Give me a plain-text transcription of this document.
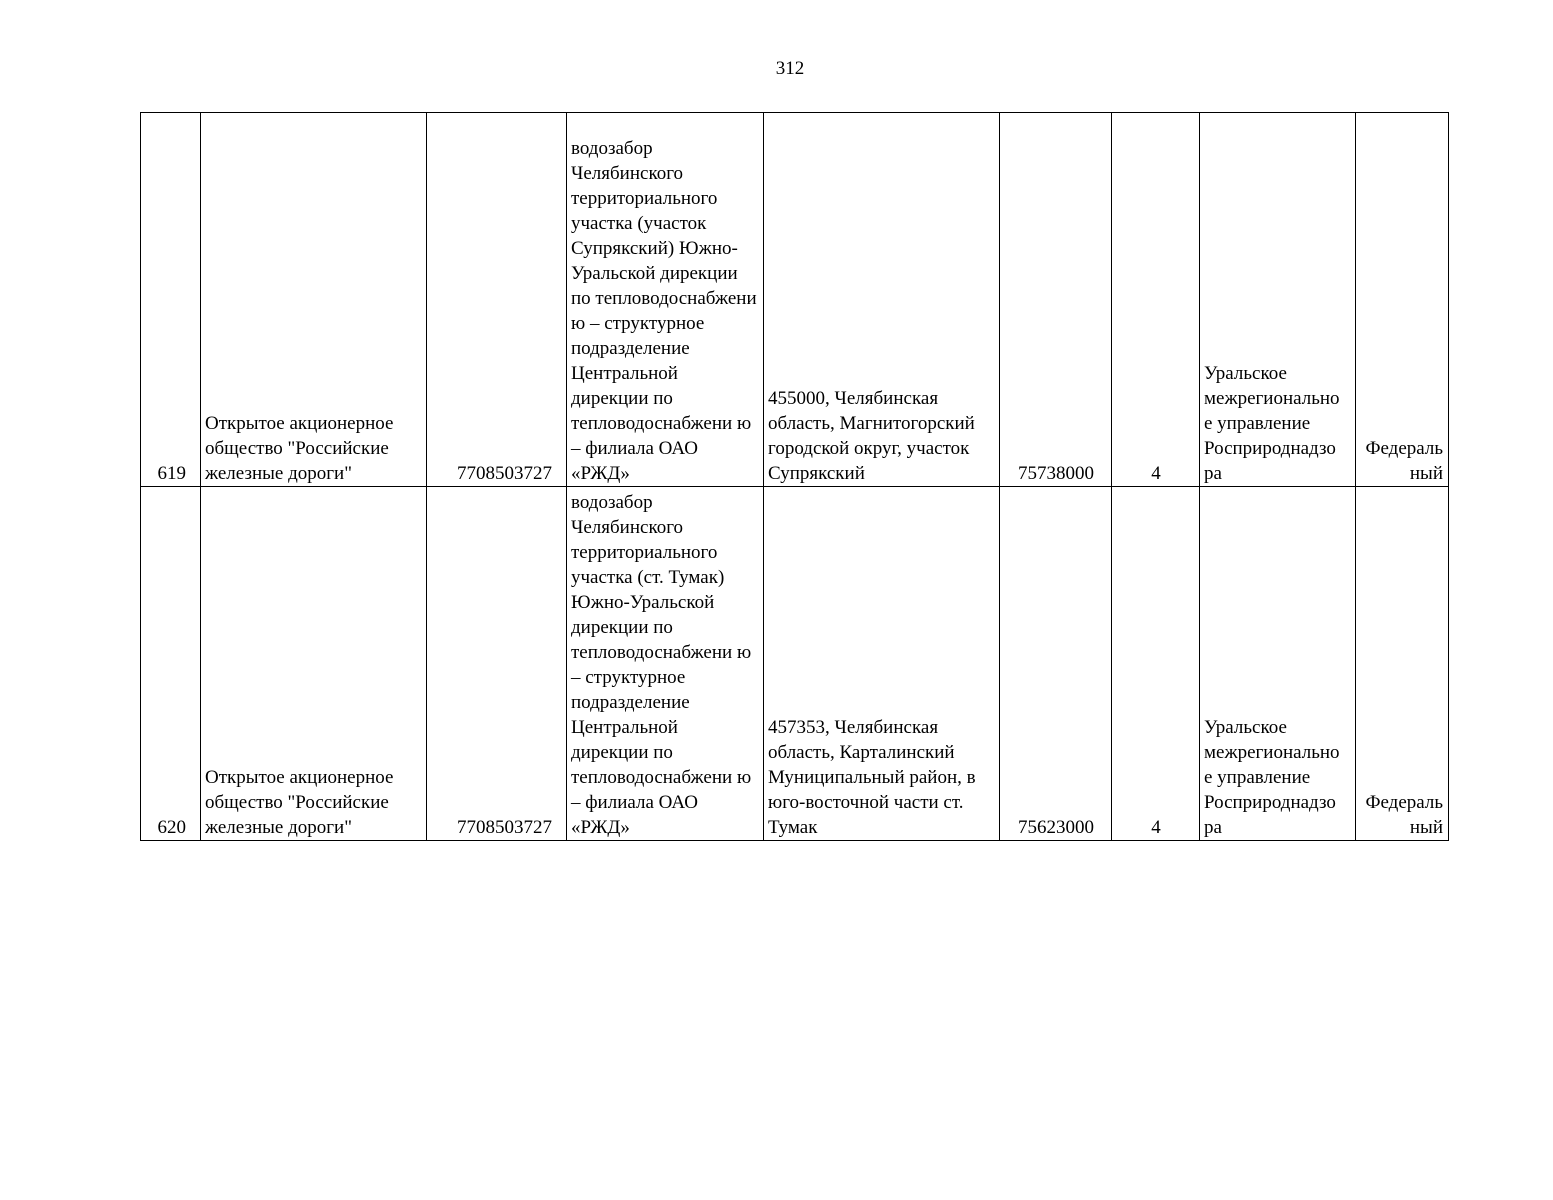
312
619	Открытое акционерное общество "Российские железные дороги"	7708503727	водозабор Челябинского территориального участка (участок Супрякский) Южно-Уральской дирекции по тепловодоснабжени ю – структурное подразделение Центральной дирекции по тепловодоснабжени ю – филиала ОАО «РЖД»	455000, Челябинская область, Магнитогорский городской округ, участок Супрякский	75738000	4	Уральское межрегионально е управление Росприроднадзо ра	Федераль ный
620	Открытое акционерное общество "Российские железные дороги"	7708503727	водозабор Челябинского территориального участка (ст. Тумак) Южно-Уральской дирекции по тепловодоснабжени ю – структурное подразделение Центральной дирекции по тепловодоснабжени ю – филиала ОАО «РЖД»	457353, Челябинская область, Карталинский Муниципальный район, в юго-восточной части ст. Тумак	75623000	4	Уральское межрегионально е управление Росприроднадзо ра	Федераль ный
